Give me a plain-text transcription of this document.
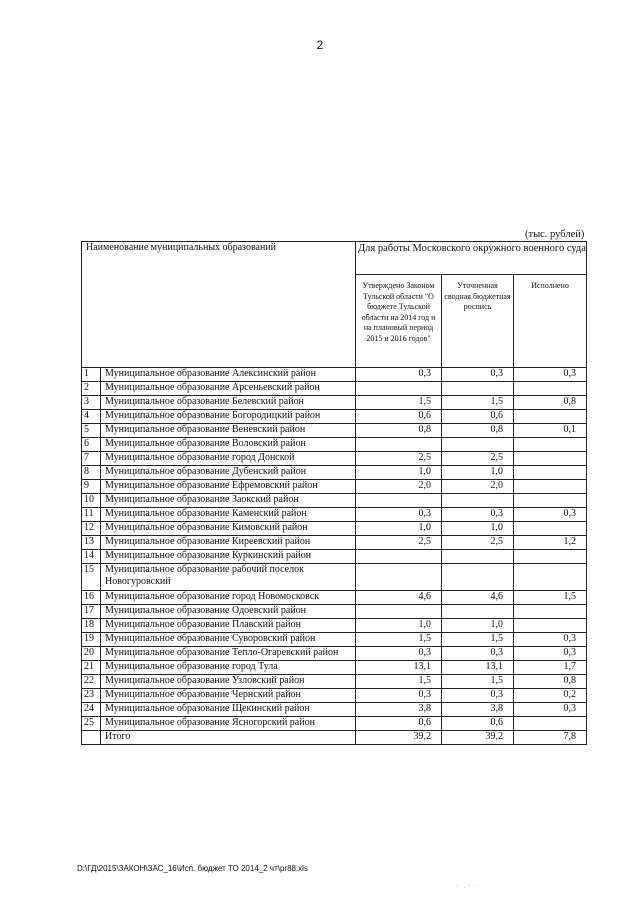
2
(тыс. рублей)
Наименование муниципальных образований		Для работы Московского окружного военного суда		
		Утверждено Законом Тульской области "О бюджете Тульской области на 2014 год и на плановый период 2015 и 2016 годов"	Уточненная сводная бюджетная роспись	Исполнено
1	Муниципальное образование Алексинский район	0,3	0,3	0,3
2	Муниципальное образование Арсеньевский район			
3	Муниципальное образование Белевский район	1,5	1,5	0,8
4	Муниципальное образование Богородицкий район	0,6	0,6	
5	Муниципальное образование Веневский район	0,8	0,8	0,1
6	Муниципальное образование Воловский район			
7	Муниципальное образование город Донской	2,5	2,5	
8	Муниципальное образование Дубенский район	1,0	1,0	
9	Муниципальное образование Ефремовский район	2,0	2,0	
10	Муниципальное образование Заокский район			
11	Муниципальное образование Каменский район	0,3	0,3	0,3
12	Муниципальное образование Кимовский район	1,0	1,0	
13	Муниципальное образование Киреевский район	2,5	2,5	1,2
14	Муниципальное образование Куркинский район			
15	Муниципальное образование рабочий поселок Новогуровский			
16	Муниципальное образование город Новомосковск	4,6	4,6	1,5
17	Муниципальное образование Одоевский район			
18	Муниципальное образование Плавский район	1,0	1,0	
19	Муниципальное образование Суворовский район	1,5	1,5	0,3
20	Муниципальное образование Тепло-Огаревский район	0,3	0,3	0,3
21	Муниципальное образование город Тула	13,1	13,1	1,7
22	Муниципальное образование Узловский район	1,5	1,5	0,8
23	Муниципальное образование Чернский район	0,3	0,3	0,2
24	Муниципальное образование Щекинский район	3,8	3,8	0,3
25	Муниципальное образование Ясногорский район	0,6	0,6	
	Итого	39,2	39,2	7,8
D:\ГД\2015\ЗАКОН\ЗАС_16\Исп. бюджет ТО 2014_2 чт\pr88.xls
· .· ·
